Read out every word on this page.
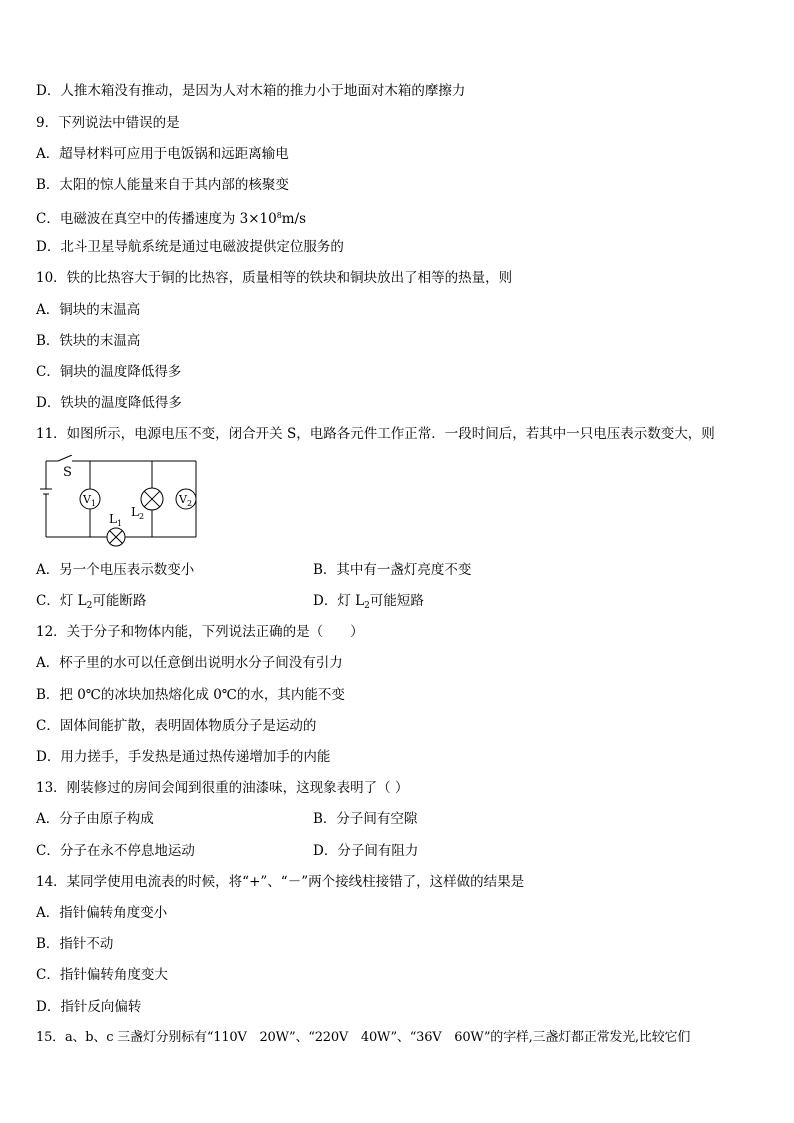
D．人推木箱没有推动，是因为人对木箱的推力小于地面对木箱的摩擦力
9．下列说法中错误的是
A．超导材料可应用于电饭锅和远距离输电
B．太阳的惊人能量来自于其内部的核聚变
C．电磁波在真空中的传播速度为 $3\times 10^8m/s$
D．北斗卫星导航系统是通过电磁波提供定位服务的
10．铁的比热容大于铜的比热容，质量相等的铁块和铜块放出了相等的热量，则
A．铜块的末温高
B．铁块的末温高
C．铜块的温度降低得多
D．铁块的温度降低得多
11．如图所示，电源电压不变，闭合开关 S，电路各元件工作正常．一段时间后，若其中一只电压表示数变大，则
S
$V_1$	$V_2$
$L_2$
$L_1$
A．另一个电压表示数变小	B．其中有一盏灯亮度不变
C．灯 $L_2$可能断路	D．灯 $L_2$可能短路
12．关于分子和物体内能，下列说法正确的是（　　）
A．杯子里的水可以任意倒出说明水分子间没有引力
B．把 0℃的冰块加热熔化成 0℃的水，其内能不变
C．固体间能扩散，表明固体物质分子是运动的
D．用力搓手，手发热是通过热传递增加手的内能
13．刚装修过的房间会闻到很重的油漆味，这现象表明了（ ）
A．分子由原子构成	B．分子间有空隙
C．分子在永不停息地运动	D．分子间有阻力
14．某同学使用电流表的时候，将“+”、“－”两个接线柱接错了，这样做的结果是
A．指针偏转角度变小
B．指针不动
C．指针偏转角度变大
D．指针反向偏转
15．a、b、c 三盏灯分别标有“110V　20W”、“220V　40W”、“36V　60W”的字样,三盏灯都正常发光,比较它们
